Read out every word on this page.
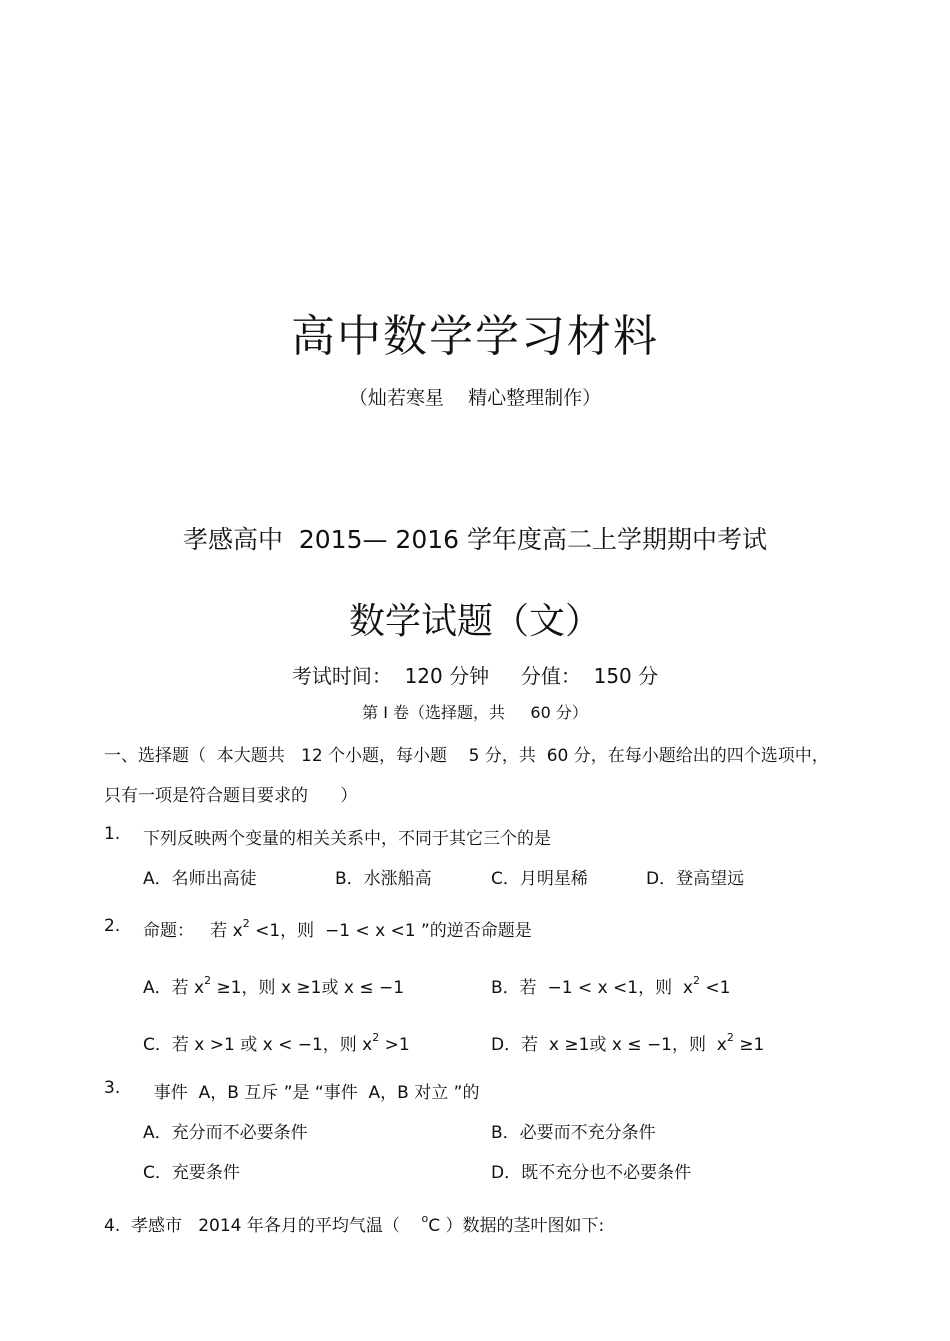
高中数学学习材料
（灿若寒星    精心整理制作）
孝感高中  2015— 2016 学年度高二上学期期中考试
数学试题（文）
考试时间：  120 分钟     分值：  150 分
第 I 卷（选择题，共     60 分）
一、选择题（  本大题共   12 个小题，每小题    5 分，共  60 分，在每小题给出的四个选项中，
只有一项是符合题目要求的      ）
1. 下列反映两个变量的相关关系中，不同于其它三个的是
A．名师出高徒	B．水涨船高	C．月明星稀	D．登高望远
2. 命题：   若 $x^2 <1$，则  −1 < x <1 ”的逆否命题是
A．若 $x^2 \ge 1$，则 x ≥1或 x ≤ −1	B．若  −1 < x <1，则  $x^2 <1$
C．若 x >1 或 x < −1，则 $x^2 >1$	D．若  x ≥1或 x ≤ −1，则  $x^2 \ge 1$
3. 事件  A，B 互斥 ”是 “事件  A，B 对立 ”的
A．充分而不必要条件	B．必要而不充分条件
C．充要条件	D．既不充分也不必要条件
4.  孝感市   2014 年各月的平均气温（    $^o$C ）数据的茎叶图如下:
